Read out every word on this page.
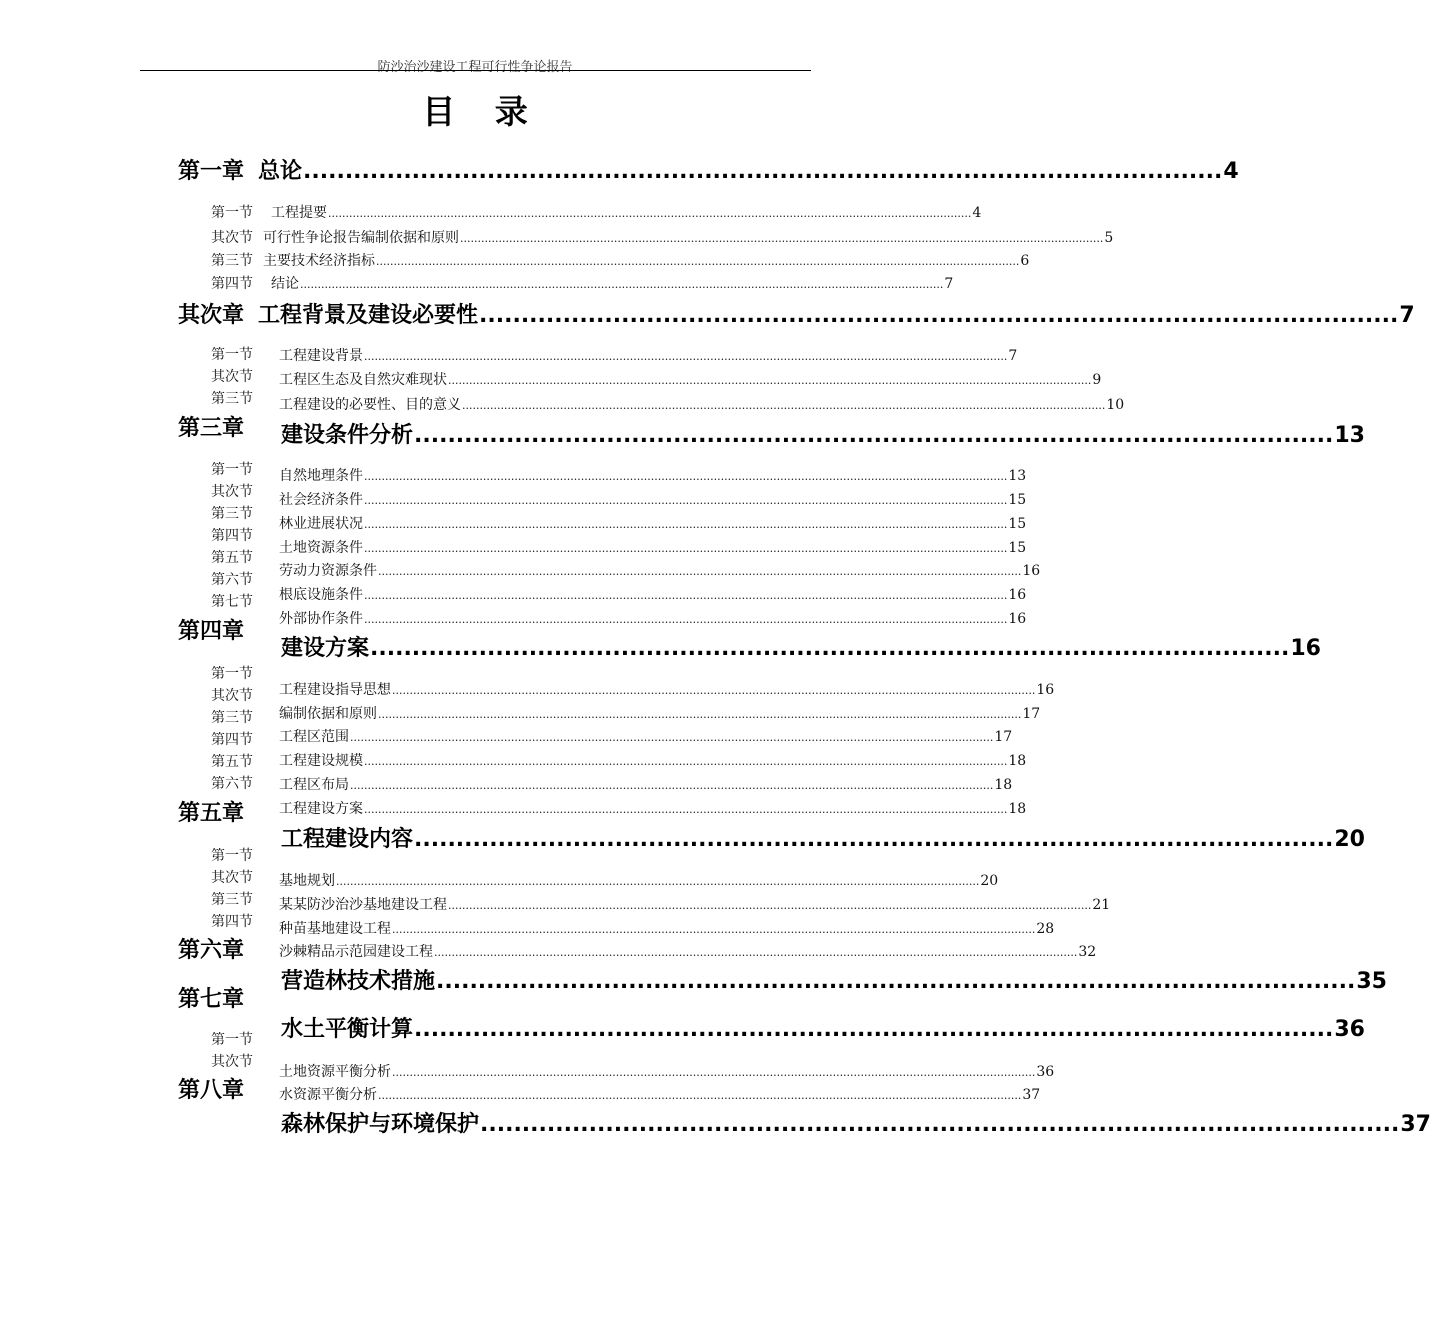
防沙治沙建设工程可行性争论报告
目 录
第一章 总论 .............................................................................................................. 4
第一节 工程提要 ........................................................................................................................................................................................ 4
其次节 可行性争论报告编制依据和原则 ........................................................................................................................................................................................ 5
第三节 主要技术经济指标 ........................................................................................................................................................................................ 6
第四节 结论 ........................................................................................................................................................................................ 7
其次章 工程背景及建设必要性 .............................................................................................................. 7
第一节
其次节
第三节
工程建设背景 ........................................................................................................................................................................................ 7
工程区生态及自然灾难现状 ........................................................................................................................................................................................ 9
工程建设的必要性、目的意义 ........................................................................................................................................................................................ 10
第三章 建设条件分析 .............................................................................................................. 13
第一节
其次节
第三节
第四节
第五节
第六节
第七节
自然地理条件 ........................................................................................................................................................................................ 13
社会经济条件 ........................................................................................................................................................................................ 15
林业进展状况 ........................................................................................................................................................................................ 15
土地资源条件 ........................................................................................................................................................................................ 15
劳动力资源条件 ........................................................................................................................................................................................ 16
根底设施条件 ........................................................................................................................................................................................ 16
外部协作条件 ........................................................................................................................................................................................ 16
第四章
建设方案 .............................................................................................................. 16
第一节
其次节
第三节
第四节
第五节
第六节
工程建设指导思想 ........................................................................................................................................................................................ 16
编制依据和原则 ........................................................................................................................................................................................ 17
工程区范围 ........................................................................................................................................................................................ 17
工程建设规模 ........................................................................................................................................................................................ 18
工程区布局 ........................................................................................................................................................................................ 18
工程建设方案 ........................................................................................................................................................................................ 18
第五章
工程建设内容 .............................................................................................................. 20
第一节
其次节
第三节
第四节
基地规划 ........................................................................................................................................................................................ 20
某某防沙治沙基地建设工程 ........................................................................................................................................................................................ 21
种苗基地建设工程 ........................................................................................................................................................................................ 28
沙棘精品示范园建设工程 ........................................................................................................................................................................................ 32
第六章
营造林技术措施 .............................................................................................................. 35
第七章
水土平衡计算 .............................................................................................................. 36
第一节
其次节
土地资源平衡分析 ........................................................................................................................................................................................ 36
水资源平衡分析 ........................................................................................................................................................................................ 37
第八章
森林保护与环境保护 .............................................................................................................. 37
